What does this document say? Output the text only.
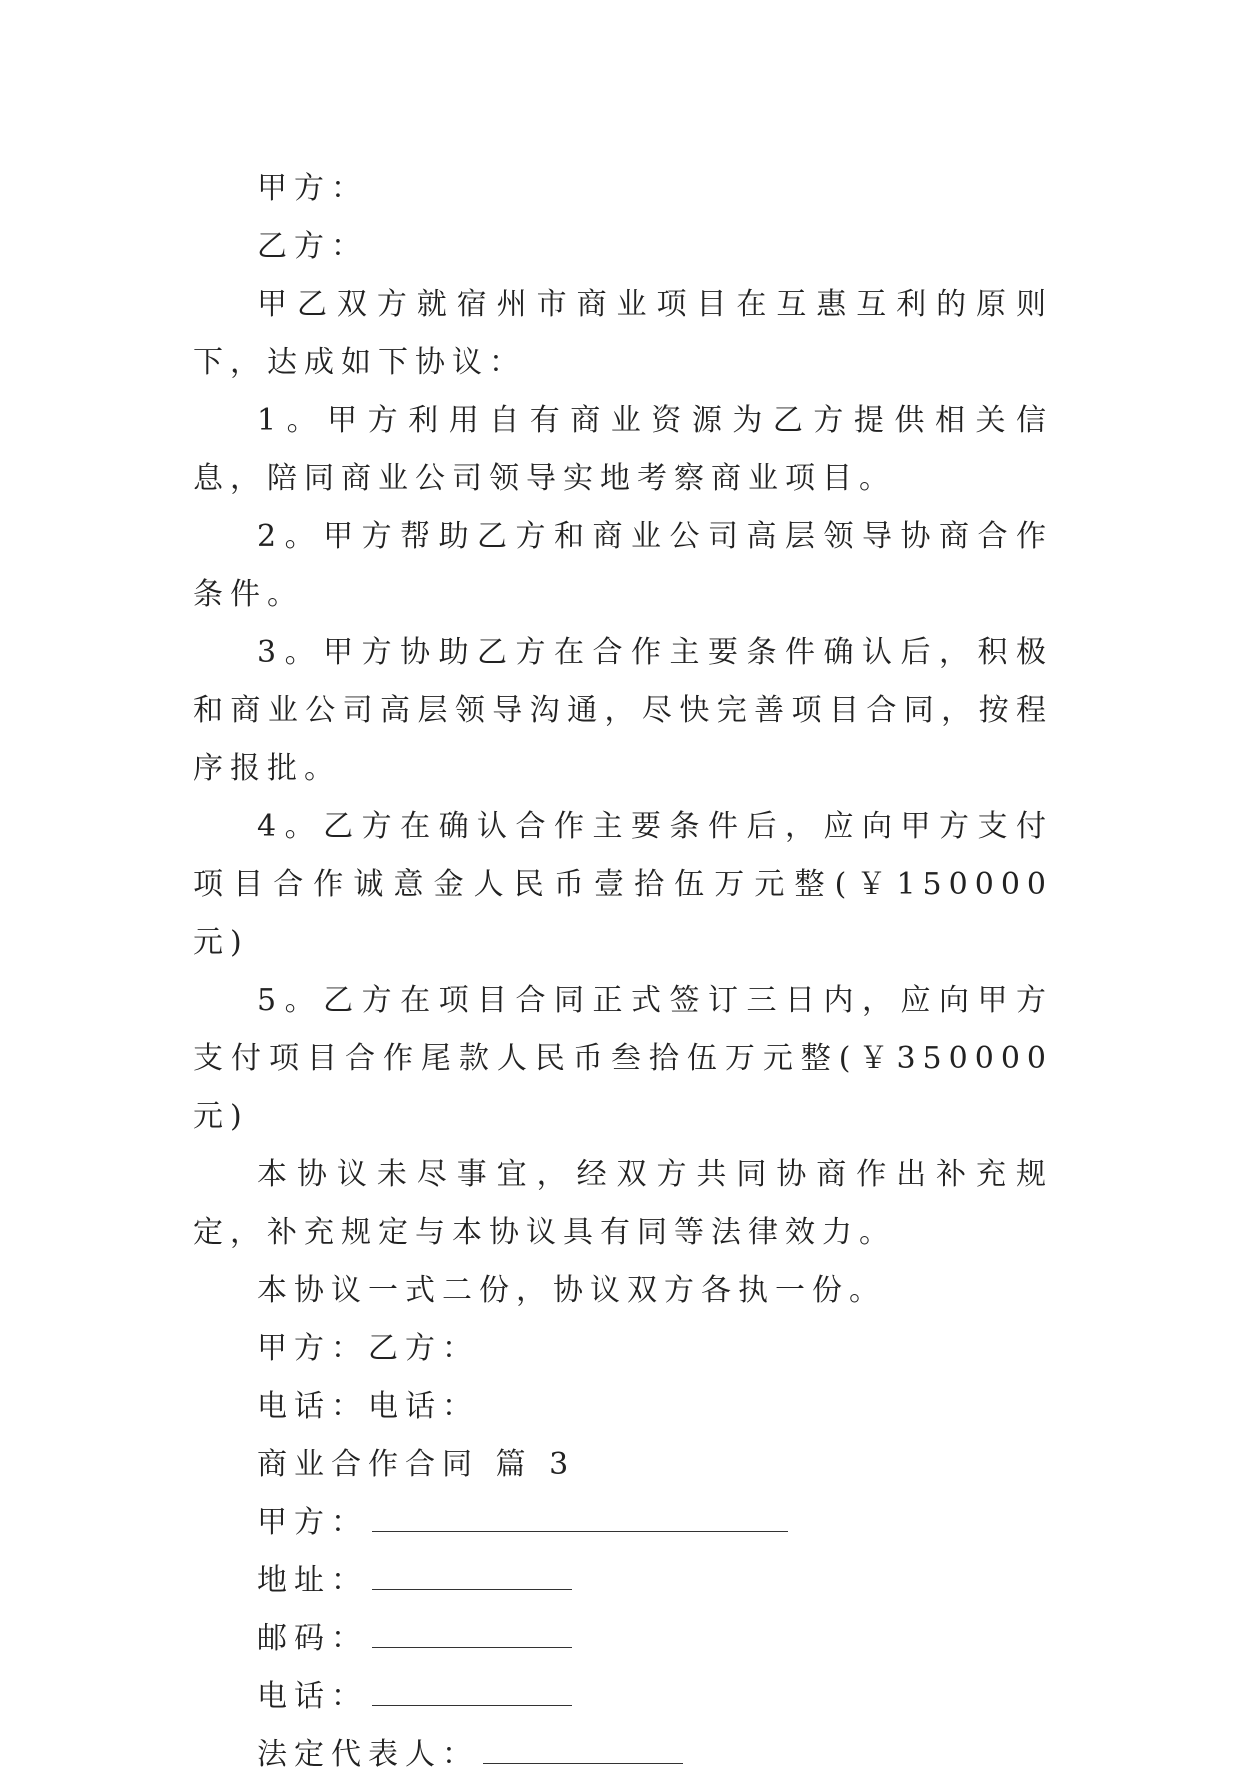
甲方：

乙方：

甲乙双方就宿州市商业项目在互惠互利的原则下，达成如下协议：

1。甲方利用自有商业资源为乙方提供相关信息，陪同商业公司领导实地考察商业项目。

2。甲方帮助乙方和商业公司高层领导协商合作条件。

3。甲方协助乙方在合作主要条件确认后，积极和商业公司高层领导沟通，尽快完善项目合同，按程序报批。

4。乙方在确认合作主要条件后，应向甲方支付项目合作诚意金人民币壹拾伍万元整(￥150000 元)

5。乙方在项目合同正式签订三日内，应向甲方支付项目合作尾款人民币叁拾伍万元整(￥350000 元)

本协议未尽事宜，经双方共同协商作出补充规定，补充规定与本协议具有同等法律效力。

本协议一式二份，协议双方各执一份。

甲方：乙方：

电话：电话：

商业合作合同 篇 3

甲方：

地址：

邮码：

电话：

法定代表人：
